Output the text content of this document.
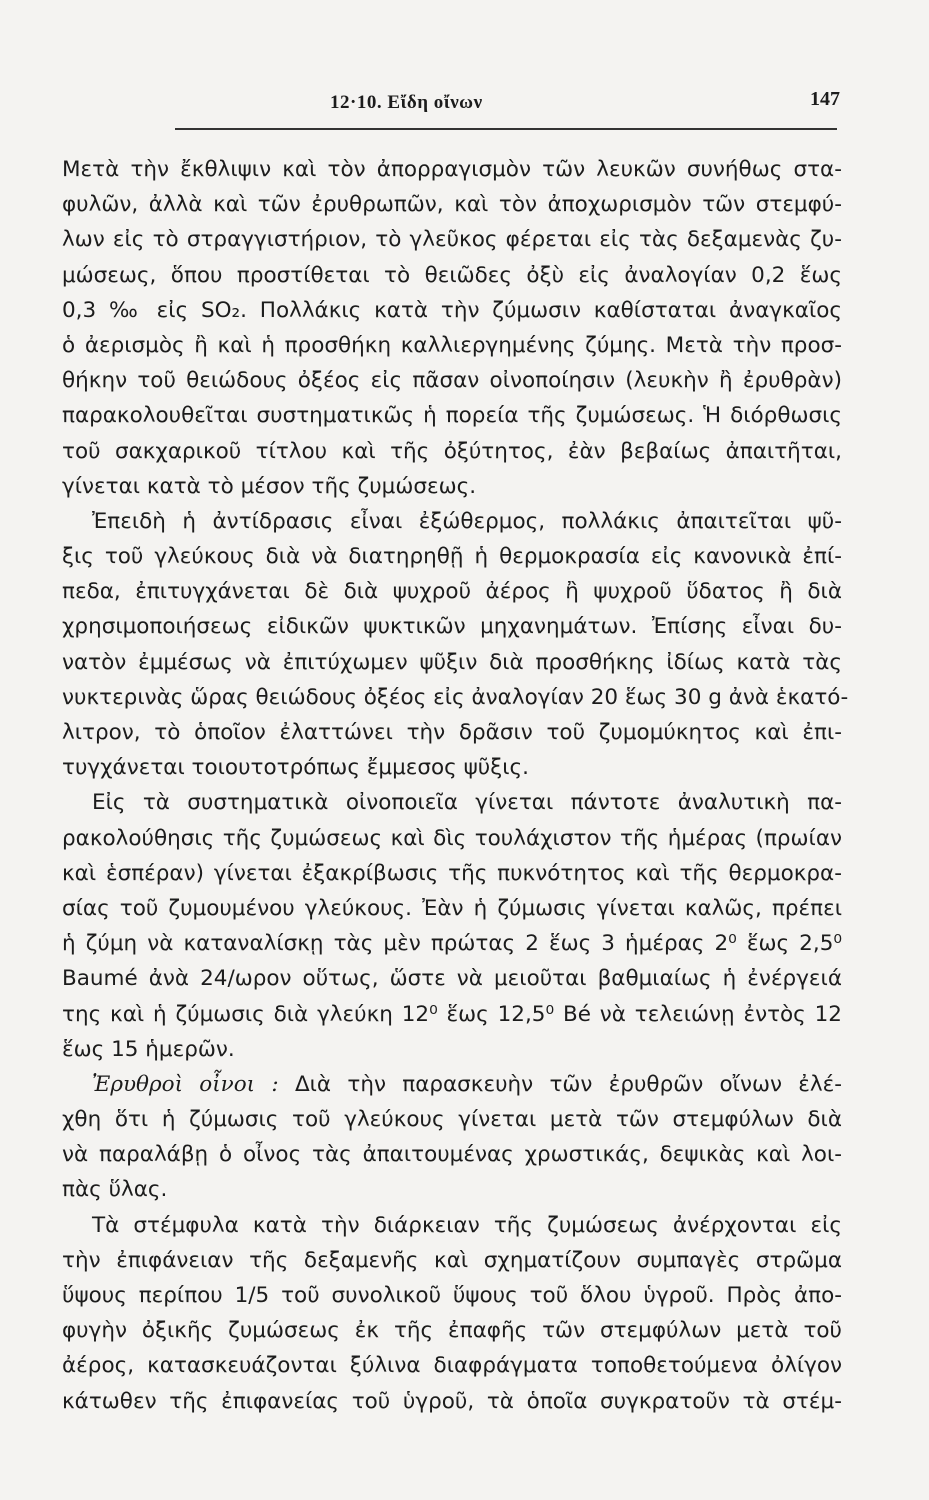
12·10. Εἴδη οἴνων	147
Μετὰ τὴν ἔκθλιψιν καὶ τὸν ἀπορραγισμὸν τῶν λευκῶν συνήθως στα-
φυλῶν, ἀλλὰ καὶ τῶν ἐρυθρωπῶν, καὶ τὸν ἀποχωρισμὸν τῶν στεμφύ-
λων εἰς τὸ στραγγιστήριον, τὸ γλεῦκος φέρεται εἰς τὰς δεξαμενὰς ζυ-
μώσεως, ὅπου προστίθεται τὸ θειῶδες ὀξὺ εἰς ἀναλογίαν 0,2 ἕως
0,3 ‰ εἰς SO₂. Πολλάκις κατὰ τὴν ζύμωσιν καθίσταται ἀναγκαῖος
ὁ ἀερισμὸς ἢ καὶ ἡ προσθήκη καλλιεργημένης ζύμης. Μετὰ τὴν προσ-
θήκην τοῦ θειώδους ὀξέος εἰς πᾶσαν οἰνοποίησιν (λευκὴν ἢ ἐρυθρὰν)
παρακολουθεῖται συστηματικῶς ἡ πορεία τῆς ζυμώσεως. Ἡ διόρθωσις
τοῦ σακχαρικοῦ τίτλου καὶ τῆς ὀξύτητος, ἐὰν βεβαίως ἀπαιτῆται,
γίνεται κατὰ τὸ μέσον τῆς ζυμώσεως.
Ἐπειδὴ ἡ ἀντίδρασις εἶναι ἐξώθερμος, πολλάκις ἀπαιτεῖται ψῦ-
ξις τοῦ γλεύκους διὰ νὰ διατηρηθῇ ἡ θερμοκρασία εἰς κανονικὰ ἐπί-
πεδα, ἐπιτυγχάνεται δὲ διὰ ψυχροῦ ἀέρος ἢ ψυχροῦ ὕδατος ἢ διὰ
χρησιμοποιήσεως εἰδικῶν ψυκτικῶν μηχανημάτων. Ἐπίσης εἶναι δυ-
νατὸν ἐμμέσως νὰ ἐπιτύχωμεν ψῦξιν διὰ προσθήκης ἰδίως κατὰ τὰς
νυκτερινὰς ὥρας θειώδους ὀξέος εἰς ἀναλογίαν 20 ἕως 30 g ἀνὰ ἑκατό-
λιτρον, τὸ ὁποῖον ἐλαττώνει τὴν δρᾶσιν τοῦ ζυμομύκητος καὶ ἐπι-
τυγχάνεται τοιουτοτρόπως ἔμμεσος ψῦξις.
Εἰς τὰ συστηματικὰ οἰνοποιεῖα γίνεται πάντοτε ἀναλυτικὴ πα-
ρακολούθησις τῆς ζυμώσεως καὶ δὶς τουλάχιστον τῆς ἡμέρας (πρωίαν
καὶ ἑσπέραν) γίνεται ἐξακρίβωσις τῆς πυκνότητος καὶ τῆς θερμοκρα-
σίας τοῦ ζυμουμένου γλεύκους. Ἐὰν ἡ ζύμωσις γίνεται καλῶς, πρέπει
ἡ ζύμη νὰ καταναλίσκῃ τὰς μὲν πρώτας 2 ἕως 3 ἡμέρας 2⁰ ἕως 2,5⁰
Baumé ἀνὰ 24/ωρον οὕτως, ὥστε νὰ μειοῦται βαθμιαίως ἡ ἐνέργειά
της καὶ ἡ ζύμωσις διὰ γλεύκη 12⁰ ἕως 12,5⁰ Bé νὰ τελειώνῃ ἐντὸς 12
ἕως 15 ἡμερῶν.
Ἐρυθροὶ οἶνοι : Διὰ τὴν παρασκευὴν τῶν ἐρυθρῶν οἴνων ἐλέ-
χθη ὅτι ἡ ζύμωσις τοῦ γλεύκους γίνεται μετὰ τῶν στεμφύλων διὰ
νὰ παραλάβῃ ὁ οἶνος τὰς ἀπαιτουμένας χρωστικάς, δεψικὰς καὶ λοι-
πὰς ὕλας.
Τὰ στέμφυλα κατὰ τὴν διάρκειαν τῆς ζυμώσεως ἀνέρχονται εἰς
τὴν ἐπιφάνειαν τῆς δεξαμενῆς καὶ σχηματίζουν συμπαγὲς στρῶμα
ὕψους περίπου 1/5 τοῦ συνολικοῦ ὕψους τοῦ ὅλου ὑγροῦ. Πρὸς ἀπο-
φυγὴν ὀξικῆς ζυμώσεως ἐκ τῆς ἐπαφῆς τῶν στεμφύλων μετὰ τοῦ
ἀέρος, κατασκευάζονται ξύλινα διαφράγματα τοποθετούμενα ὀλίγον
κάτωθεν τῆς ἐπιφανείας τοῦ ὑγροῦ, τὰ ὁποῖα συγκρατοῦν τὰ στέμ-
